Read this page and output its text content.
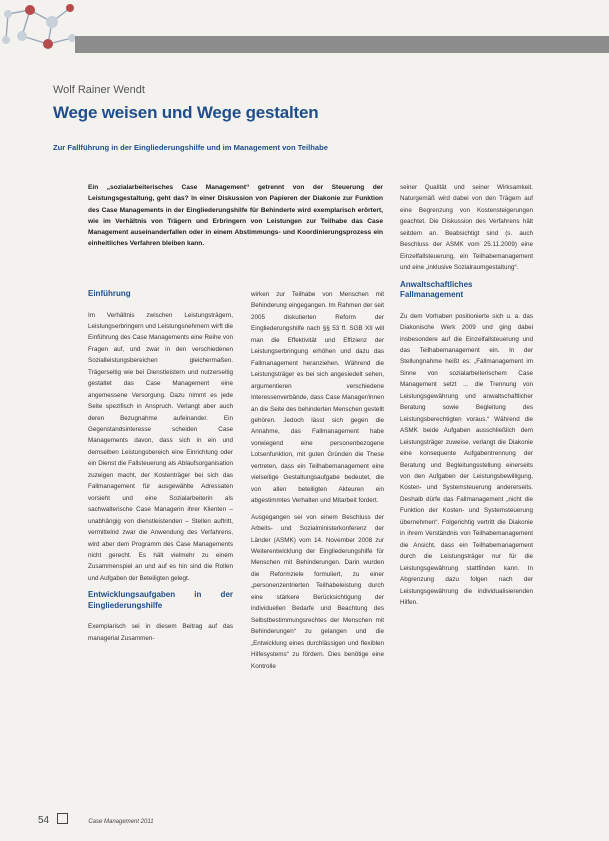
Wolf Rainer Wendt
Wege weisen und Wege gestalten
Zur Fallführung in der Eingliederungshilfe und im Management von Teilhabe
Ein „sozialarbeiterisches Case Management“ getrennt von der Steuerung der Leistungsgestaltung, geht das? In einer Diskussion von Papieren der Diakonie zur Funktion des Case Managements in der Eingliederungshilfe für Behinderte wird exemplarisch erörtert, wie im Verhältnis von Trägern und Erbringern von Leistungen zur Teilhabe das Case Management auseinanderfallen oder in einem Abstimmungs- und Koordinierungsprozess ein einheitliches Verfahren bleiben kann.
Einführung

Im Verhältnis zwischen Leistungsträgern, Leistungserbringern und Leistungsnehmern wirft die Einführung des Case Managements eine Reihe von Fragen auf, und zwar in den verschiedenen Sozialleistungsbereichen gleichermaßen. Trägerseitig wie bei Dienstleistern und nutzerseitig gestaltet das Case Management eine angemessene Versorgung. Dazu nimmt es jede Seite spezifisch in Anspruch. Verlangt aber auch deren Bezugnahme aufeinander. Ein Gegenstandsinteresse scheiden Case Managements davon, dass sich in ein und demselben Leistungsbereich eine Einrichtung oder ein Dienst die Fallsteuerung als Ablaufsorganisation zuzeigen macht, der Kostenträger bei sich das Fallmanagement für ausgewählte Adressaten vorsieht und eine Sozialarbeiterin als sachwalterische Case Managerin ihrer Klienten – unabhängig von dienstleistenden – Stellen auftritt, vermittelnd zwar die Anwendung des Verfahrens, wird aber dem Programm des Case Managements nicht gerecht. Es hält vielmehr zu einem Zusammenspiel an und auf es hin sind die Rollen und Aufgaben der Beteiligten gelegt.

Entwicklungsaufgaben in der Eingliederungshilfe

Exemplarisch sei in diesem Beitrag auf das managerial Zusammen-

wirken zur Teilhabe von Menschen mit Behinderung eingegangen. Im Rahmen der seit 2005 diskutierten Reform der Eingliederungshilfe nach §§ 53 ff. SGB XII will man die Effektivität und Effizienz der Leistungserbringung erhöhen und dazu das Fallmanagement heranziehen. Während die Leistungsträger es bei sich angesiedelt sehen, argumentieren verschiedene Interessenverbände, dass Case Manager/innen an die Seite des behinderten Menschen gestellt gehören. Jedoch lässt sich gegen die Annahme, das Fallmanagement habe vorwiegend eine personenbezogene Lotsenfunktion, mit guten Gründen die These vertreten, dass ein Teilhabemanagement eine vielseitige Gestaltungsaufgabe bedeutet, die von allen beteiligten Akteuren ein abgestimmtes Verhalten und Mitarbeit fordert.

Ausgegangen sei von einem Beschluss der Arbeits- und Sozialministerkonferenz der Länder (ASMK) vom 14. November 2008 zur Weiterentwicklung der Eingliederungshilfe für Menschen mit Behinderungen. Darin wurden die Reformziele formuliert, zu einer „personenzentrierten Teilhabeleistung durch eine stärkere Berücksichtigung der individuellen Bedarfe und Beachtung des Selbstbestimmungsrechtes der Menschen mit Behinderungen“ zu gelangen und die „Entwicklung eines durchlässigen und flexiblen Hilfesystems“ zu fördern. Dies benötige eine Kontrolle

seiner Qualität und seiner Wirksamkeit. Naturgemäß wird dabei von den Trägern auf eine Begrenzung von Kostensteigerungen geachtet. Die Diskussion des Verfahrens hält seitdem an. Beabsichtigt sind (s. auch Beschluss der ASMK vom 25.11.2009) eine Einzelfallsteuerung, ein Teilhabemanagement und eine „inklusive Sozialraumgestaltung“.

Anwaltschaftliches Fallmanagement

Zu dem Vorhaben positionierte sich u. a. das Diakonische Werk 2009 und ging dabei insbesondere auf die Einzelfallsteuerung und das Teilhabemanagement ein. In der Stellungnahme heißt es: „Fallmanagement im Sinne von sozialarbeiterischem Case Management setzt ... die Trennung von Leistungsgewährung und anwaltschaftlicher Beratung sowie Begleitung des Leistungsberechtigten voraus.“ Während die ASMK beide Aufgaben ausschließlich dem Leistungsträger zuweise, verlangt die Diakonie eine konsequente Aufgabentrennung der Beratung und Begleitungsstellung einerseits von den Aufgaben der Leistungsbewilligung, Kosten- und Systemsteuerung andererseits. Deshalb dürfe das Fallmanagement „nicht die Funktion der Kosten- und Systemsteuerung übernehmen“. Folgerichtig vertritt die Diakonie in ihrem Verständnis von Teilhabemanagement die Ansicht, dass ein Teilhabemanagement durch die Leistungsträger nur für die Leistungsgewährung stattfinden kann. In Abgrenzung dazu folgen nach der Leistungsgewährung die individualisierenden Hilfen.

54	Case Management 2011
